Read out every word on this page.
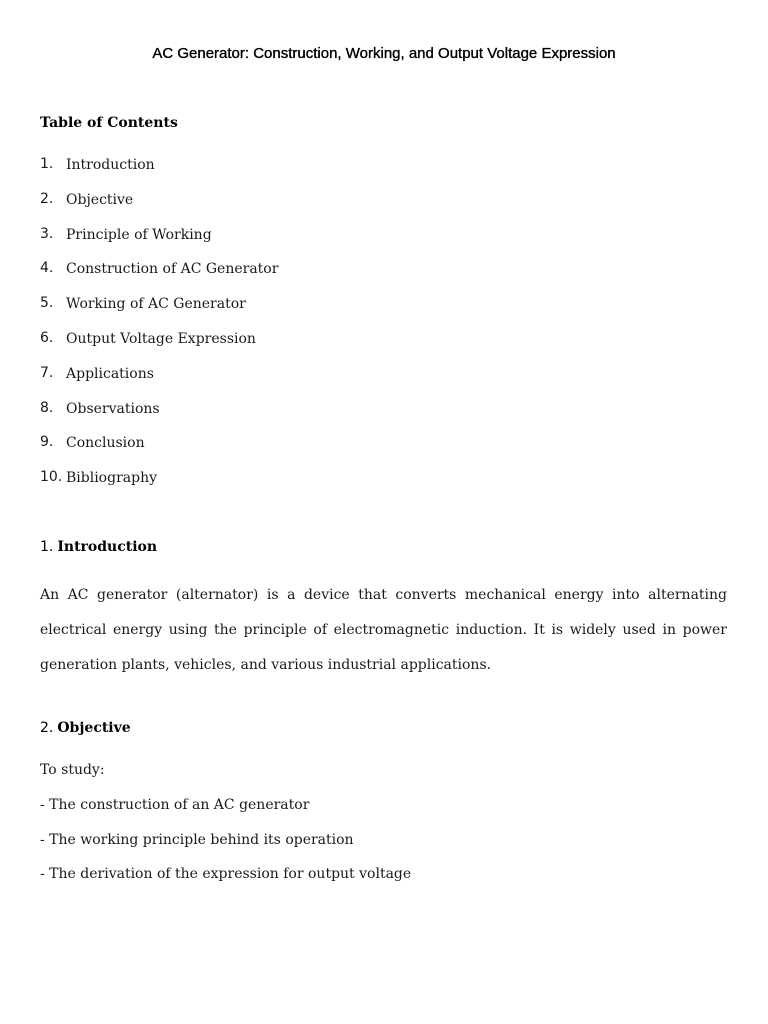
AC Generator: Construction, Working, and Output Voltage Expression
Table of Contents
1. Introduction
2. Objective
3. Principle of Working
4. Construction of AC Generator
5. Working of AC Generator
6. Output Voltage Expression
7. Applications
8. Observations
9. Conclusion
10. Bibliography
1. Introduction

An AC generator (alternator) is a device that converts mechanical energy into alternating electrical energy using the principle of electromagnetic induction. It is widely used in power generation plants, vehicles, and various industrial applications.

2. Objective
To study:
- The construction of an AC generator
- The working principle behind its operation
- The derivation of the expression for output voltage
